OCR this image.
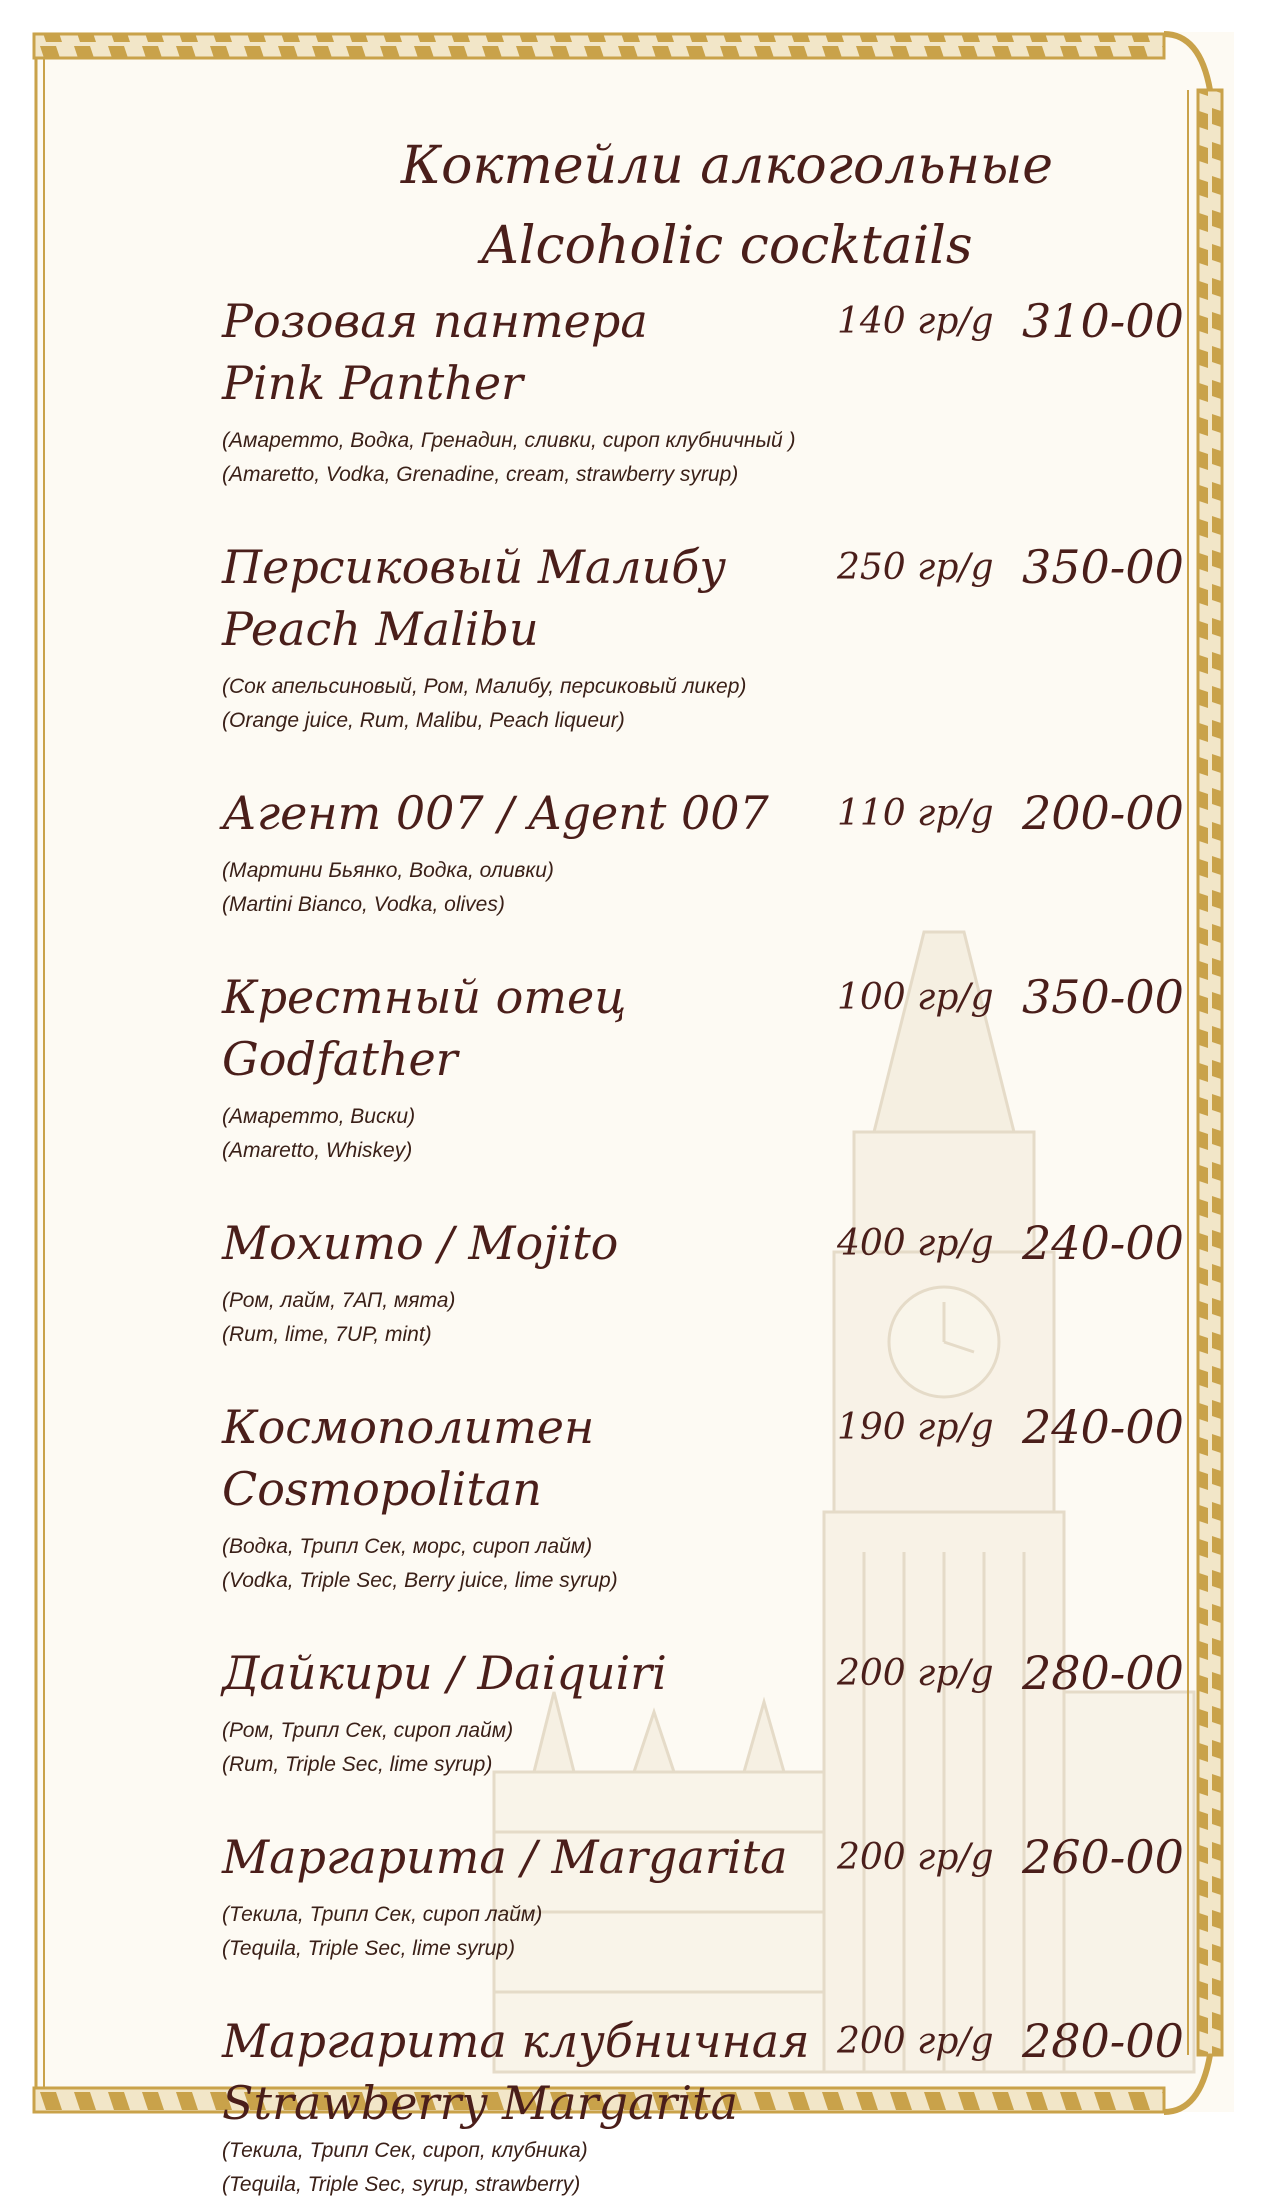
Коктейли алкогольные
Alcoholic cocktails
Розовая пантера	140 гр/g 310-00
Pink Panther
(Амаретто, Водка, Гренадин, сливки, сироп клубничный )
(Amaretto, Vodka, Grenadine, cream, strawberry syrup)
Персиковый Малибу	250 гр/g 350-00
Peach Malibu
(Сок апельсиновый, Ром, Малибу, персиковый ликер)
(Orange juice, Rum, Malibu, Peach liqueur)
Агент 007 / Agent 007 110 гр/g 200-00
(Мартини Бьянко, Водка, оливки)
(Martini Bianco, Vodka, olives)
Крестный отец	100 гр/g 350-00
Godfather
(Амаретто, Виски)
(Amaretto, Whiskey)
Мохито / Mojito	400 гр/g 240-00
(Ром, лайм, 7АП, мята)
(Rum, lime, 7UP, mint)
Космополитен	190 гр/g 240-00
Cosmopolitan
(Водка, Трипл Сек, морс, сироп лайм)
(Vodka, Triple Sec, Berry juice, lime syrup)
Дайкири / Daiquiri	200 гр/g 280-00
(Ром, Трипл Сек, сироп лайм)
(Rum, Triple Sec, lime syrup)
Маргарита / Margarita 200 гр/g 260-00
(Текила, Трипл Сек, сироп лайм)
(Tequila, Triple Sec, lime syrup)
Маргарита клубничная 200 гр/g 280-00
Strawberry Margarita
(Текила, Трипл Сек, сироп, клубника)
(Tequila, Triple Sec, syrup, strawberry)
